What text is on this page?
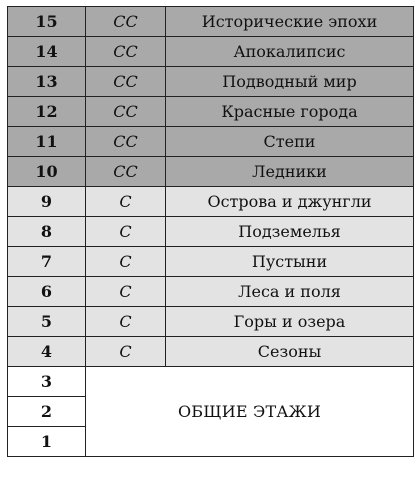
15	CC	Исторические эпохи
14	CC	Апокалипсис
13	CC	Подводный мир
12	CC	Красные города
11	CC	Степи
10	CC	Ледники
9	C	Острова и джунгли
8	C	Подземелья
7	C	Пустыни
6	C	Леса и поля
5	C	Горы и озера
4	C	Сезоны
3	ОБЩИЕ ЭТАЖИ	
2		
1		
